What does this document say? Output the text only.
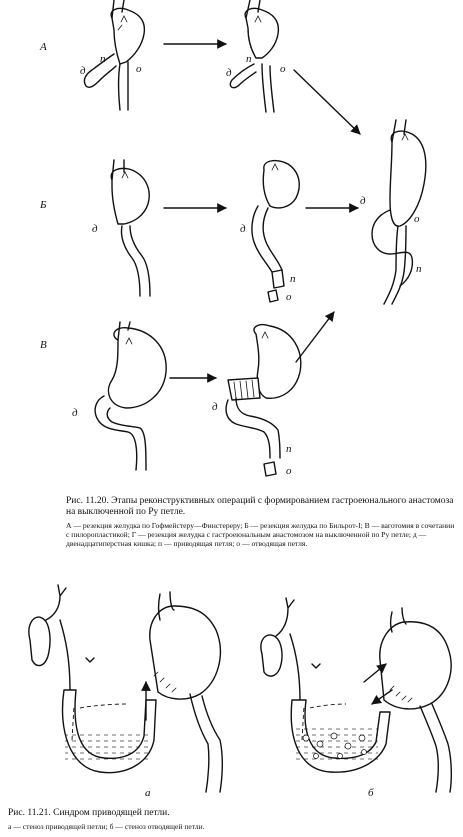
А
Б
В
д
п
о	д
п
о
д	д
п
о
д	д
п
о
д
о
п
а	б
Рис. 11.20. Этапы реконструктивных операций с формированием гастроеюнального анастомоза на выключенной по Ру петле.
А — резекция желудка по Гофмейстеру—Финстереру; Б — резекция желудка по Бильрот-I; В — ваготомия в сочетании с пилоропластикой; Г — резекция желудка с гастроеюнальным анастомозом на выключенной по Ру петле; д — двенадцатиперстная кишка; п — приводящая петля; о — отводящая петля.
Рис. 11.21. Синдром приводящей петли.
а — стеноз приводящей петли; б — стеноз отводящей петли.
